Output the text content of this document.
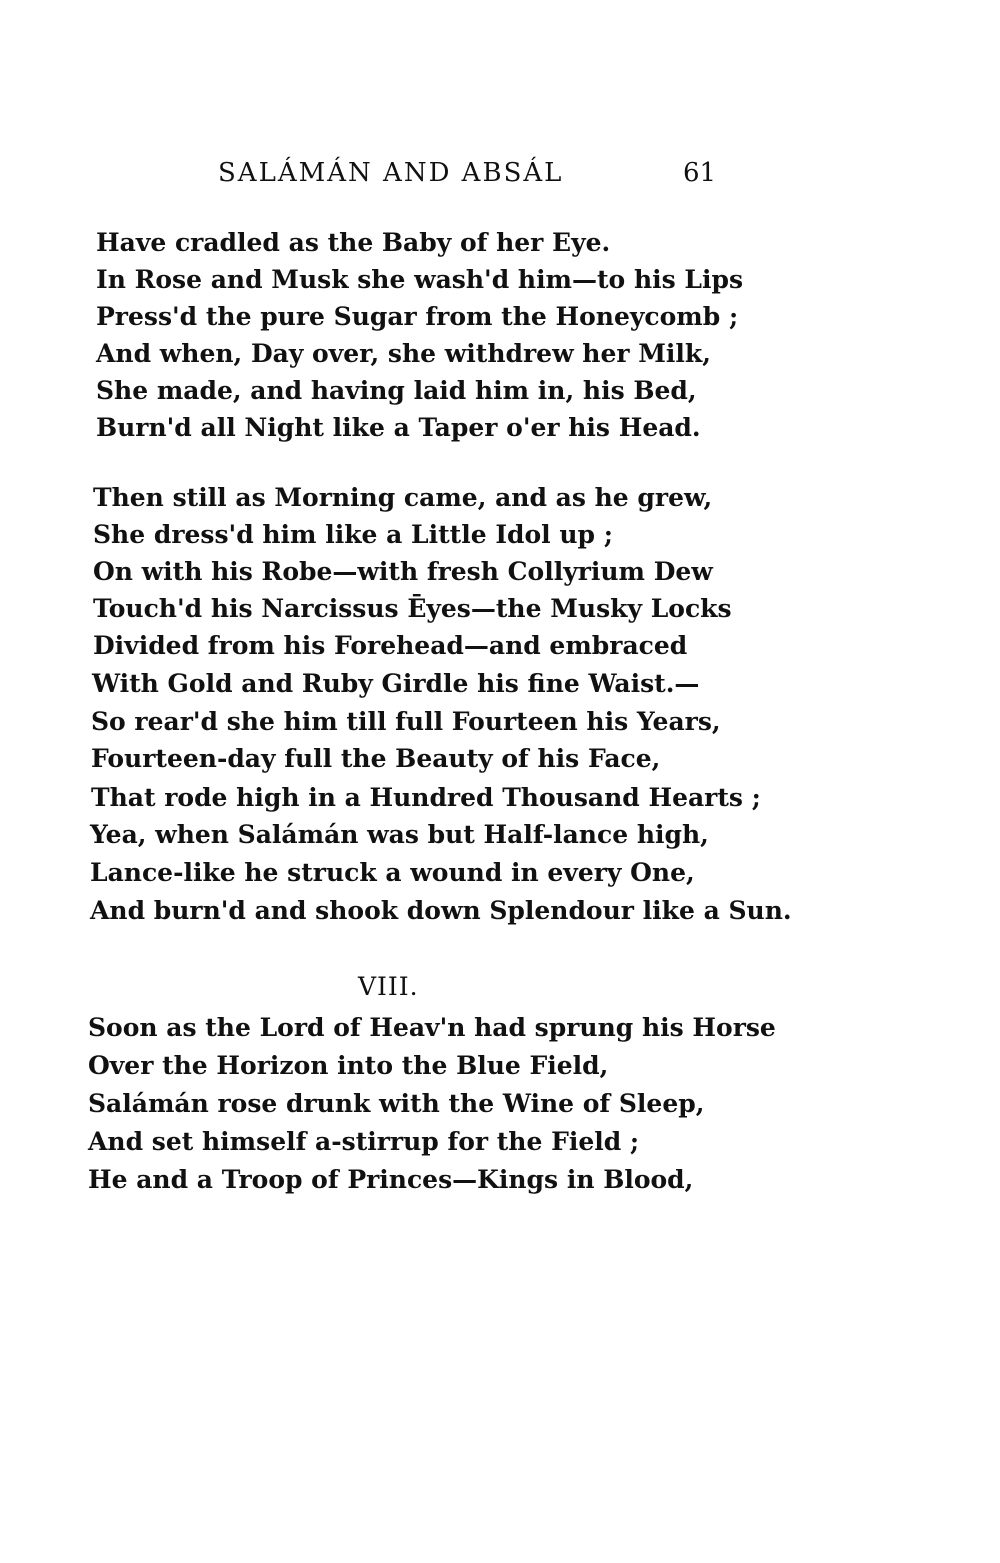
SALÁMÁN AND ABSÁL	61
Have cradled as the Baby of her Eye.
In Rose and Musk she wash'd him—to his Lips
Press'd the pure Sugar from the Honeycomb ;
And when, Day over, she withdrew her Milk,
She made, and having laid him in, his Bed,
Burn'd all Night like a Taper o'er his Head.
Then still as Morning came, and as he grew,
She dress'd him like a Little Idol up ;
On with his Robe—with fresh Collyrium Dew
Touch'd his Narcissus Ēyes—the Musky Locks
Divided from his Forehead—and embraced
With Gold and Ruby Girdle his fine Waist.—
So rear'd she him till full Fourteen his Years,
Fourteen-day full the Beauty of his Face,
That rode high in a Hundred Thousand Hearts ;
Yea, when Salámán was but Half-lance high,
Lance-like he struck a wound in every One,
And burn'd and shook down Splendour like a Sun.
VIII.
Soon as the Lord of Heav'n had sprung his Horse
Over the Horizon into the Blue Field,
Salámán rose drunk with the Wine of Sleep,
And set himself a-stirrup for the Field ;
He and a Troop of Princes—Kings in Blood,
